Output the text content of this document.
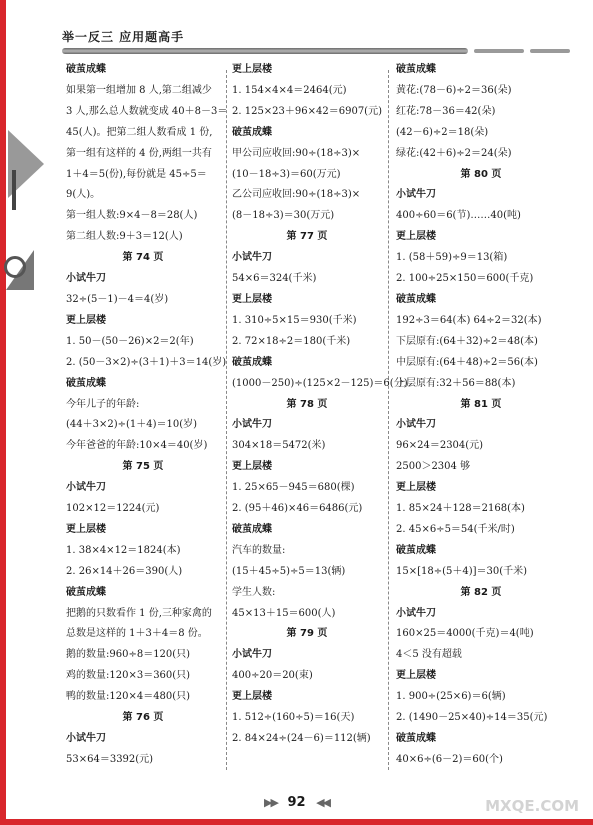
举一反三 应用题高手
破茧成蝶
如果第一组增加 8 人,第二组减少
3 人,那么总人数就变成 40＋8－3＝
45(人)。把第二组人数看成 1 份,
第一组有这样的 4 份,两组一共有
1＋4＝5(份),每份就是 45÷5＝
9(人)。
第一组人数:9×4－8＝28(人)
第二组人数:9＋3＝12(人)
第 74 页
小试牛刀
32÷(5－1)－4＝4(岁)
更上层楼
1. 50－(50－26)×2＝2(年)
2. (50－3×2)÷(3＋1)＋3＝14(岁)
破茧成蝶
今年儿子的年龄:
(44＋3×2)÷(1＋4)＝10(岁)
今年爸爸的年龄:10×4＝40(岁)
第 75 页
小试牛刀
102×12＝1224(元)
更上层楼
1. 38×4×12＝1824(本)
2. 26×14＋26＝390(人)
破茧成蝶
把鹅的只数看作 1 份,三种家禽的
总数是这样的 1＋3＋4＝8 份。
鹅的数量:960÷8＝120(只)
鸡的数量:120×3＝360(只)
鸭的数量:120×4＝480(只)
第 76 页
小试牛刀
53×64＝3392(元)
更上层楼
1. 154×4×4＝2464(元)
2. 125×23＋96×42＝6907(元)
破茧成蝶
甲公司应收回:90÷(18÷3)×
(10－18÷3)＝60(万元)
乙公司应收回:90÷(18÷3)×
(8－18÷3)＝30(万元)
第 77 页
小试牛刀
54×6＝324(千米)
更上层楼
1. 310÷5×15＝930(千米)
2. 72×18÷2＝180(千米)
破茧成蝶
(1000－250)÷(125×2－125)＝6(分)
第 78 页
小试牛刀
304×18＝5472(米)
更上层楼
1. 25×65－945＝680(棵)
2. (95＋46)×46＝6486(元)
破茧成蝶
汽车的数量:
(15＋45÷5)÷5＝13(辆)
学生人数:
45×13＋15＝600(人)
第 79 页
小试牛刀
400÷20＝20(束)
更上层楼
1. 512÷(160÷5)＝16(天)
2. 84×24÷(24－6)＝112(辆)
破茧成蝶
黄花:(78－6)÷2＝36(朵)
红花:78－36＝42(朵)
(42－6)÷2＝18(朵)
绿花:(42＋6)÷2＝24(朵)
第 80 页
小试牛刀
400÷60＝6(节)……40(吨)
更上层楼
1. (58＋59)÷9＝13(箱)
2. 100÷25×150＝600(千克)
破茧成蝶
192÷3＝64(本) 64÷2＝32(本)
下层原有:(64＋32)÷2＝48(本)
中层原有:(64＋48)÷2＝56(本)
上层原有:32＋56＝88(本)
第 81 页
小试牛刀
96×24＝2304(元)
2500＞2304 够
更上层楼
1. 85×24＋128＝2168(本)
2. 45×6÷5＝54(千米/时)
破茧成蝶
15×[18÷(5＋4)]＝30(千米)
第 82 页
小试牛刀
160×25＝4000(千克)＝4(吨)
4＜5 没有超载
更上层楼
1. 900÷(25×6)＝6(辆)
2. (1490－25×40)÷14＝35(元)
破茧成蝶
40×6÷(6－2)＝60(个)
▶▶ 92 ◀◀	MXQE.COM
